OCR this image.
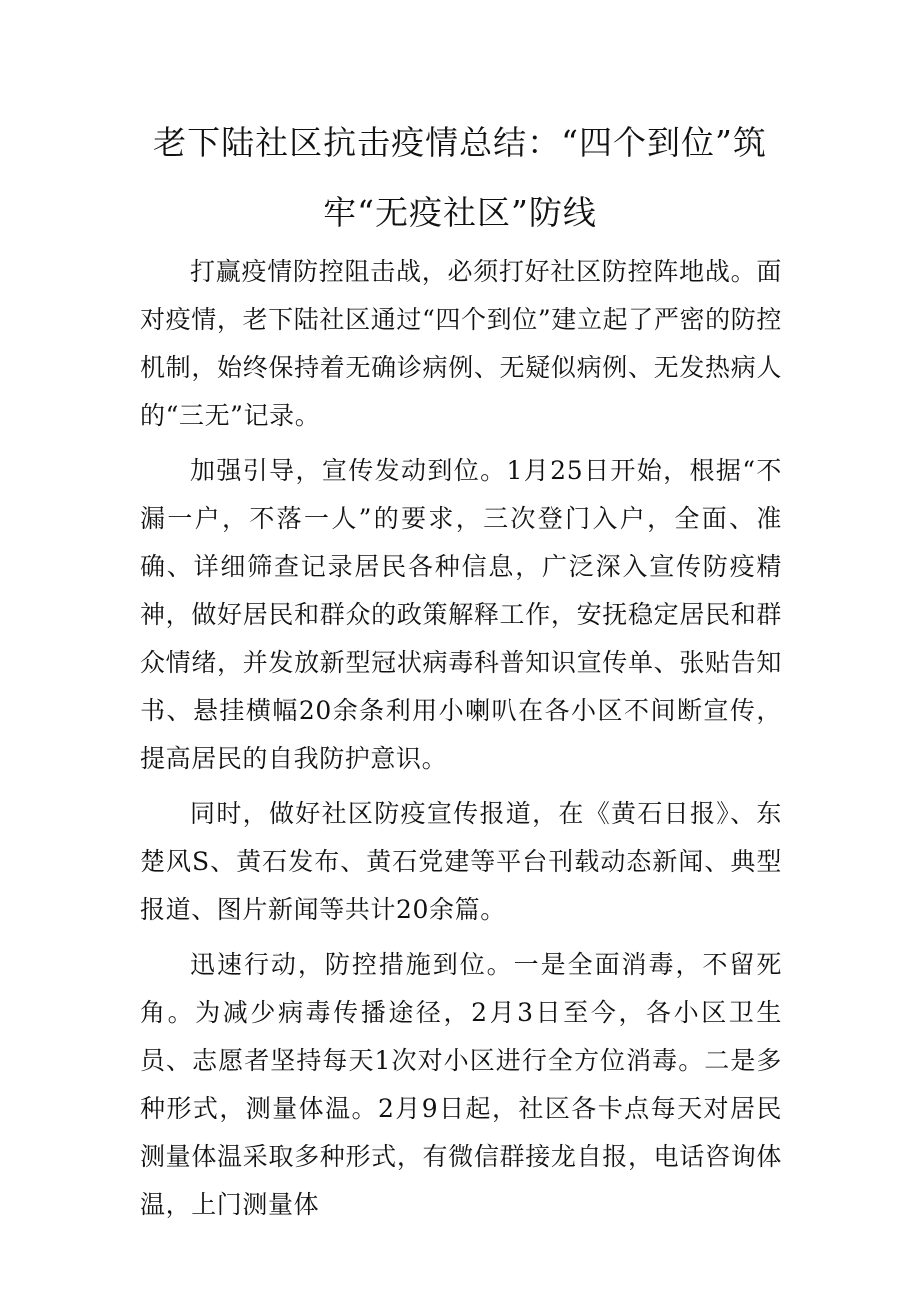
老下陆社区抗击疫情总结：“四个到位”筑牢“无疫社区”防线

打赢疫情防控阻击战，必须打好社区防控阵地战。面对疫情，老下陆社区通过“四个到位”建立起了严密的防控机制，始终保持着无确诊病例、无疑似病例、无发热病人的“三无”记录。

加强引导，宣传发动到位。1月25日开始，根据“不漏一户，不落一人”的要求，三次登门入户，全面、准确、详细筛查记录居民各种信息，广泛深入宣传防疫精神，做好居民和群众的政策解释工作，安抚稳定居民和群众情绪，并发放新型冠状病毒科普知识宣传单、张贴告知书、悬挂横幅20余条利用小喇叭在各小区不间断宣传，提高居民的自我防护意识。

同时，做好社区防疫宣传报道，在《黄石日报》、东楚风S、黄石发布、黄石党建等平台刊载动态新闻、典型报道、图片新闻等共计20余篇。

迅速行动，防控措施到位。一是全面消毒，不留死角。为减少病毒传播途径，2月3日至今，各小区卫生员、志愿者坚持每天1次对小区进行全方位消毒。二是多种形式，测量体温。2月9日起，社区各卡点每天对居民测量体温采取多种形式，有微信群接龙自报，电话咨询体温，上门测量体
